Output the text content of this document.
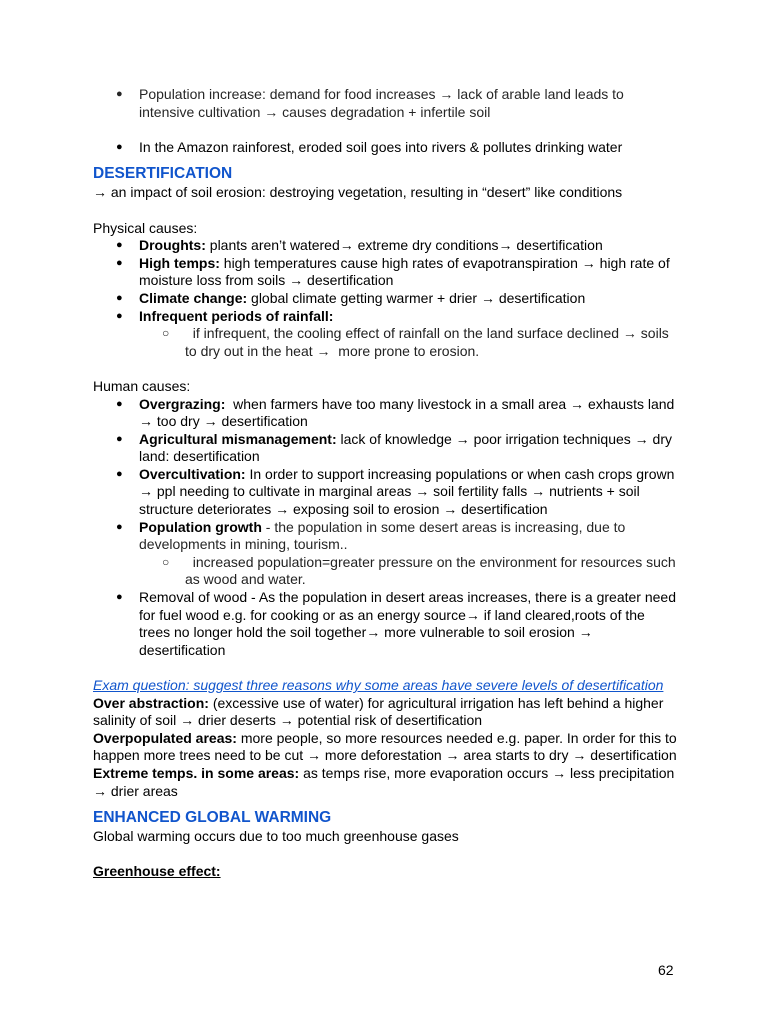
● Population increase: demand for food increases → lack of arable land leads to intensive cultivation → causes degradation + infertile soil
● In the Amazon rainforest, eroded soil goes into rivers & pollutes drinking water
DESERTIFICATION
→ an impact of soil erosion: destroying vegetation, resulting in “desert” like conditions
Physical causes:
● Droughts: plants aren’t watered→ extreme dry conditions→ desertification
● High temps: high temperatures cause high rates of evapotranspiration → high rate of moisture loss from soils → desertification
● Climate change: global climate getting warmer + drier → desertification
● Infrequent periods of rainfall:
○   if infrequent, the cooling effect of rainfall on the land surface declined → soils to dry out in the heat →  more prone to erosion.
Human causes:
● Overgrazing:  when farmers have too many livestock in a small area → exhausts land → too dry → desertification
● Agricultural mismanagement: lack of knowledge → poor irrigation techniques → dry land: desertification
● Overcultivation: In order to support increasing populations or when cash crops grown → ppl needing to cultivate in marginal areas → soil fertility falls → nutrients + soil structure deteriorates → exposing soil to erosion → desertification
● Population growth - the population in some desert areas is increasing, due to developments in mining, tourism..
○   increased population=greater pressure on the environment for resources such as wood and water.
● Removal of wood - As the population in desert areas increases, there is a greater need for fuel wood e.g. for cooking or as an energy source→ if land cleared,roots of the trees no longer hold the soil together→ more vulnerable to soil erosion → desertification
Exam question: suggest three reasons why some areas have severe levels of desertification
Over abstraction: (excessive use of water) for agricultural irrigation has left behind a higher salinity of soil → drier deserts → potential risk of desertification
Overpopulated areas: more people, so more resources needed e.g. paper. In order for this to happen more trees need to be cut → more deforestation → area starts to dry → desertification
Extreme temps. in some areas: as temps rise, more evaporation occurs → less precipitation → drier areas
ENHANCED GLOBAL WARMING
Global warming occurs due to too much greenhouse gases
Greenhouse effect:
62
